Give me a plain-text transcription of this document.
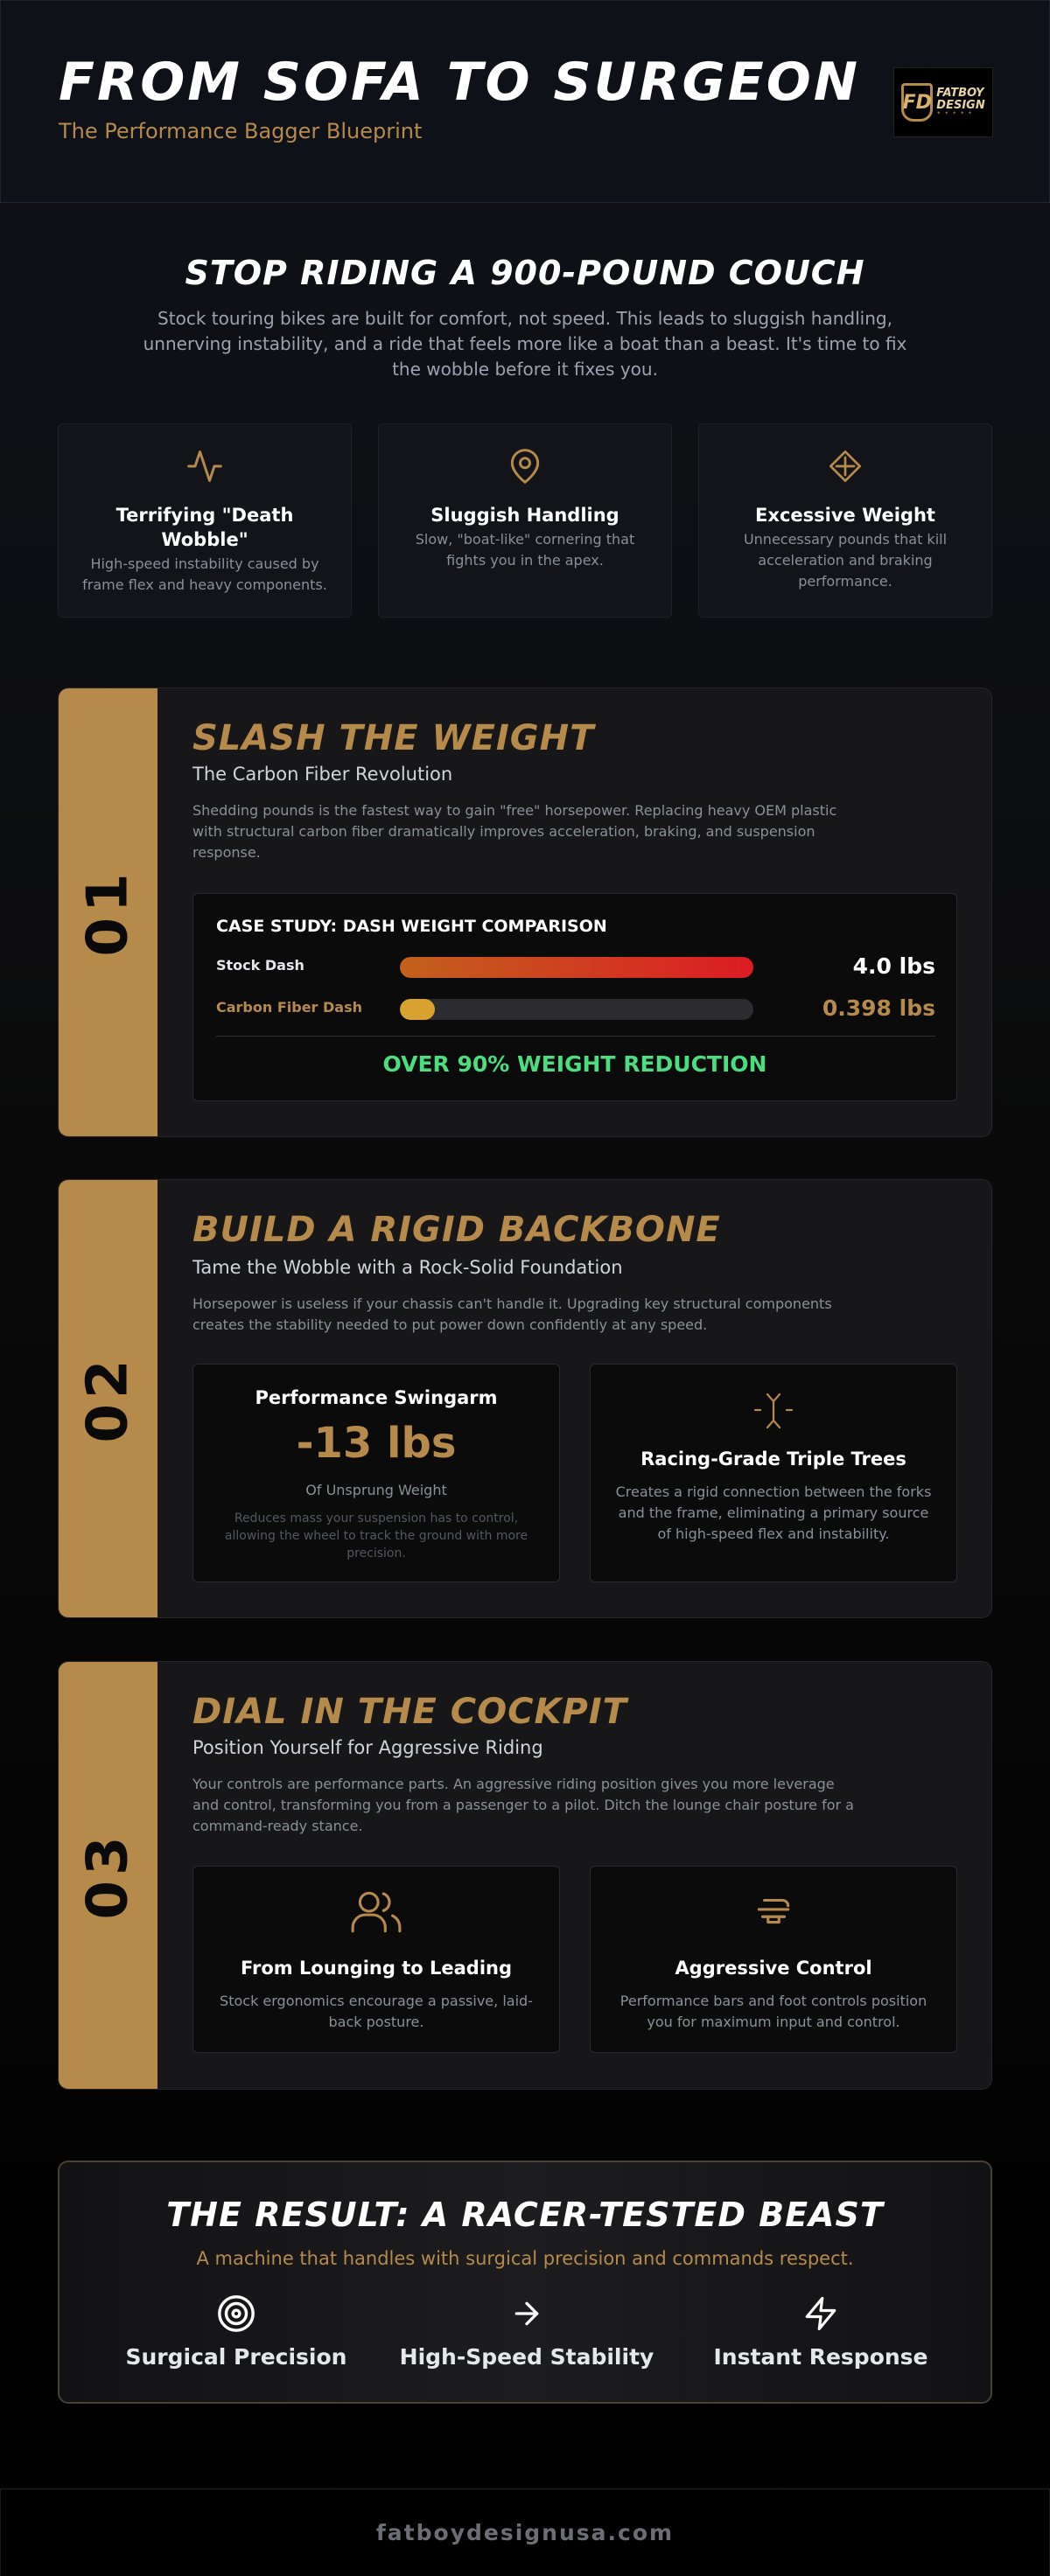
FROM SOFA TO SURGEON
The Performance Bagger Blueprint
FD FATBOY
DESIGN
✦ ✦ ✦ ✦ ✦
STOP RIDING A 900-POUND COUCH
Stock touring bikes are built for comfort, not speed. This leads to sluggish handling, unnerving instability, and a ride that feels more like a boat than a beast. It's time to fix the wobble before it fixes you.
Terrifying "Death Wobble"

High-speed instability caused by frame flex and heavy components.

Sluggish Handling

Slow, "boat-like" cornering that fights you in the apex.

Excessive Weight

Unnecessary pounds that kill acceleration and braking performance.

01
SLASH THE WEIGHT
The Carbon Fiber Revolution
Shedding pounds is the fastest way to gain "free" horsepower. Replacing heavy OEM plastic with structural carbon fiber dramatically improves acceleration, braking, and suspension response.
CASE STUDY: DASH WEIGHT COMPARISON
Stock Dash	4.0 lbs
Carbon Fiber Dash	0.398 lbs
OVER 90% WEIGHT REDUCTION
02
BUILD A RIGID BACKBONE
Tame the Wobble with a Rock-Solid Foundation
Horsepower is useless if your chassis can't handle it. Upgrading key structural components creates the stability needed to put power down confidently at any speed.
Performance Swingarm
-13 lbs

Of Unsprung Weight

Reduces mass your suspension has to control, allowing the wheel to track the ground with more precision.
Racing-Grade Triple Trees

Creates a rigid connection between the forks and the frame, eliminating a primary source of high-speed flex and instability.

03
DIAL IN THE COCKPIT
Position Yourself for Aggressive Riding
Your controls are performance parts. An aggressive riding position gives you more leverage and control, transforming you from a passenger to a pilot. Ditch the lounge chair posture for a command-ready stance.
From Lounging to Leading

Stock ergonomics encourage a passive, laid-back posture.

Aggressive Control

Performance bars and foot controls position you for maximum input and control.

THE RESULT: A RACER-TESTED BEAST
A machine that handles with surgical precision and commands respect.
Surgical Precision	High-Speed Stability	Instant Response
fatboydesignusa.com
